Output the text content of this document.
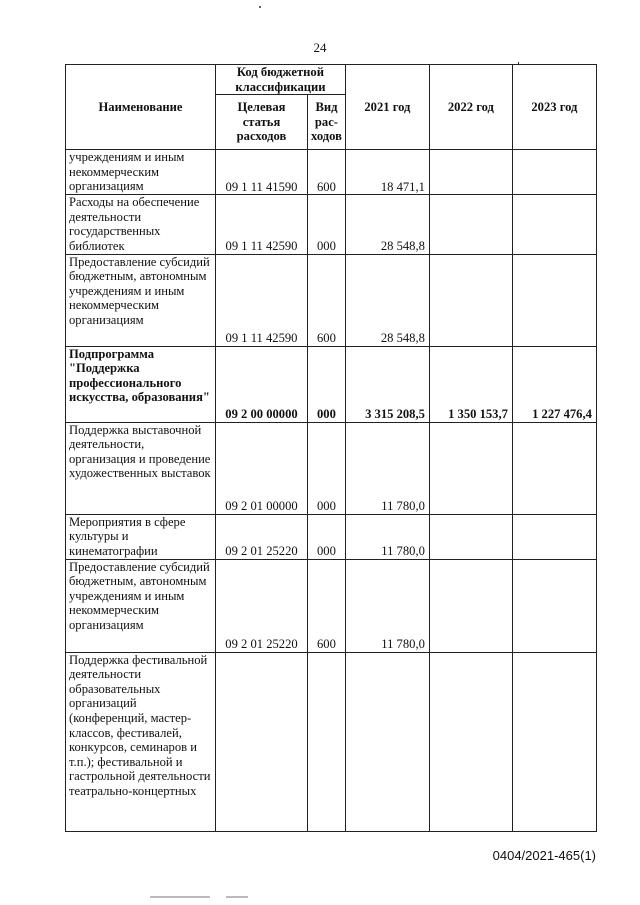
24
Наименование	Код бюджетной классификации		2021 год	2022 год	2023 год
	Целевая статья расходов	Вид рас-ходов			
учреждениям и иным некоммерческим организациям	09 1 11 41590	600	18 471,1		
Расходы на обеспечение деятельности государственных библиотек	09 1 11 42590	000	28 548,8		
Предоставление субсидий бюджетным, автономным учреждениям и иным некоммерческим организациям	09 1 11 42590	600	28 548,8		
Подпрограмма "Поддержка профессионального искусства, образования"	09 2 00 00000	000	3 315 208,5	1 350 153,7	1 227 476,4
Поддержка выставочной деятельности, организация и проведение художественных выставок	09 2 01 00000	000	11 780,0		
Мероприятия в сфере культуры и кинематографии	09 2 01 25220	000	11 780,0		
Предоставление субсидий бюджетным, автономным учреждениям и иным некоммерческим организациям	09 2 01 25220	600	11 780,0		
Поддержка фестивальной деятельности образовательных организаций (конференций, мастер-классов, фестивалей, конкурсов, семинаров и т.п.); фестивальной и гастрольной деятельности театрально-концертных					
0404/2021-465(1)
